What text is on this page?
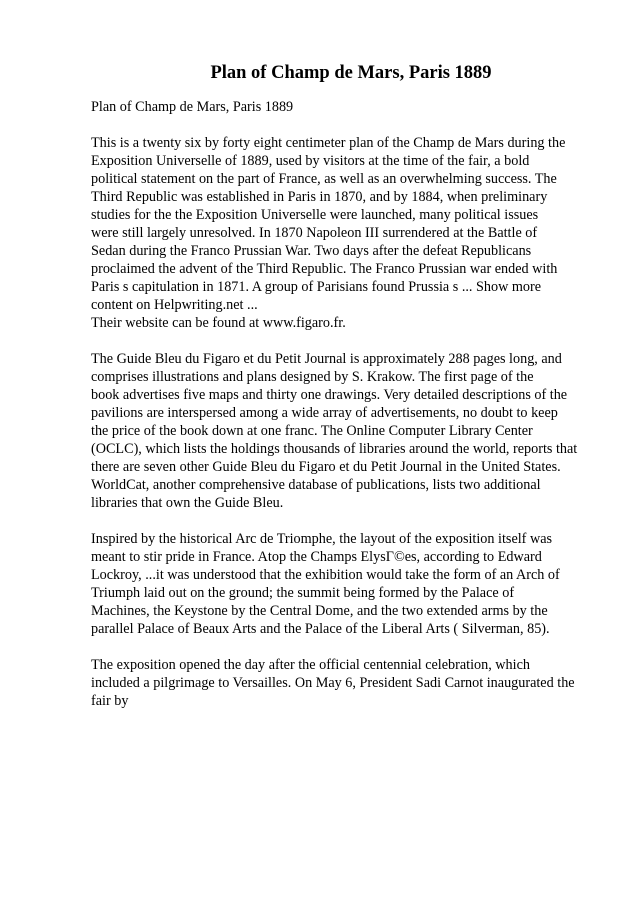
Plan of Champ de Mars, Paris 1889
Plan of Champ de Mars, Paris 1889
This is a twenty six by forty eight centimeter plan of the Champ de Mars during the
Exposition Universelle of 1889, used by visitors at the time of the fair, a bold
political statement on the part of France, as well as an overwhelming success. The
Third Republic was established in Paris in 1870, and by 1884, when preliminary
studies for the the Exposition Universelle were launched, many political issues
were still largely unresolved. In 1870 Napoleon III surrendered at the Battle of
Sedan during the Franco Prussian War. Two days after the defeat Republicans
proclaimed the advent of the Third Republic. The Franco Prussian war ended with
Paris s capitulation in 1871. A group of Parisians found Prussia s ... Show more
content on Helpwriting.net ...
Their website can be found at www.figaro.fr.
The Guide Bleu du Figaro et du Petit Journal is approximately 288 pages long, and
comprises illustrations and plans designed by S. Krakow. The first page of the
book advertises five maps and thirty one drawings. Very detailed descriptions of the
pavilions are interspersed among a wide array of advertisements, no doubt to keep
the price of the book down at one franc. The Online Computer Library Center
(OCLC), which lists the holdings thousands of libraries around the world, reports that
there are seven other Guide Bleu du Figaro et du Petit Journal in the United States.
WorldCat, another comprehensive database of publications, lists two additional
libraries that own the Guide Bleu.
Inspired by the historical Arc de Triomphe, the layout of the exposition itself was
meant to stir pride in France. Atop the Champs ElysΓ©es, according to Edward
Lockroy, ...it was understood that the exhibition would take the form of an Arch of
Triumph laid out on the ground; the summit being formed by the Palace of
Machines, the Keystone by the Central Dome, and the two extended arms by the
parallel Palace of Beaux Arts and the Palace of the Liberal Arts ( Silverman, 85).
The exposition opened the day after the official centennial celebration, which
included a pilgrimage to Versailles. On May 6, President Sadi Carnot inaugurated the
fair by
